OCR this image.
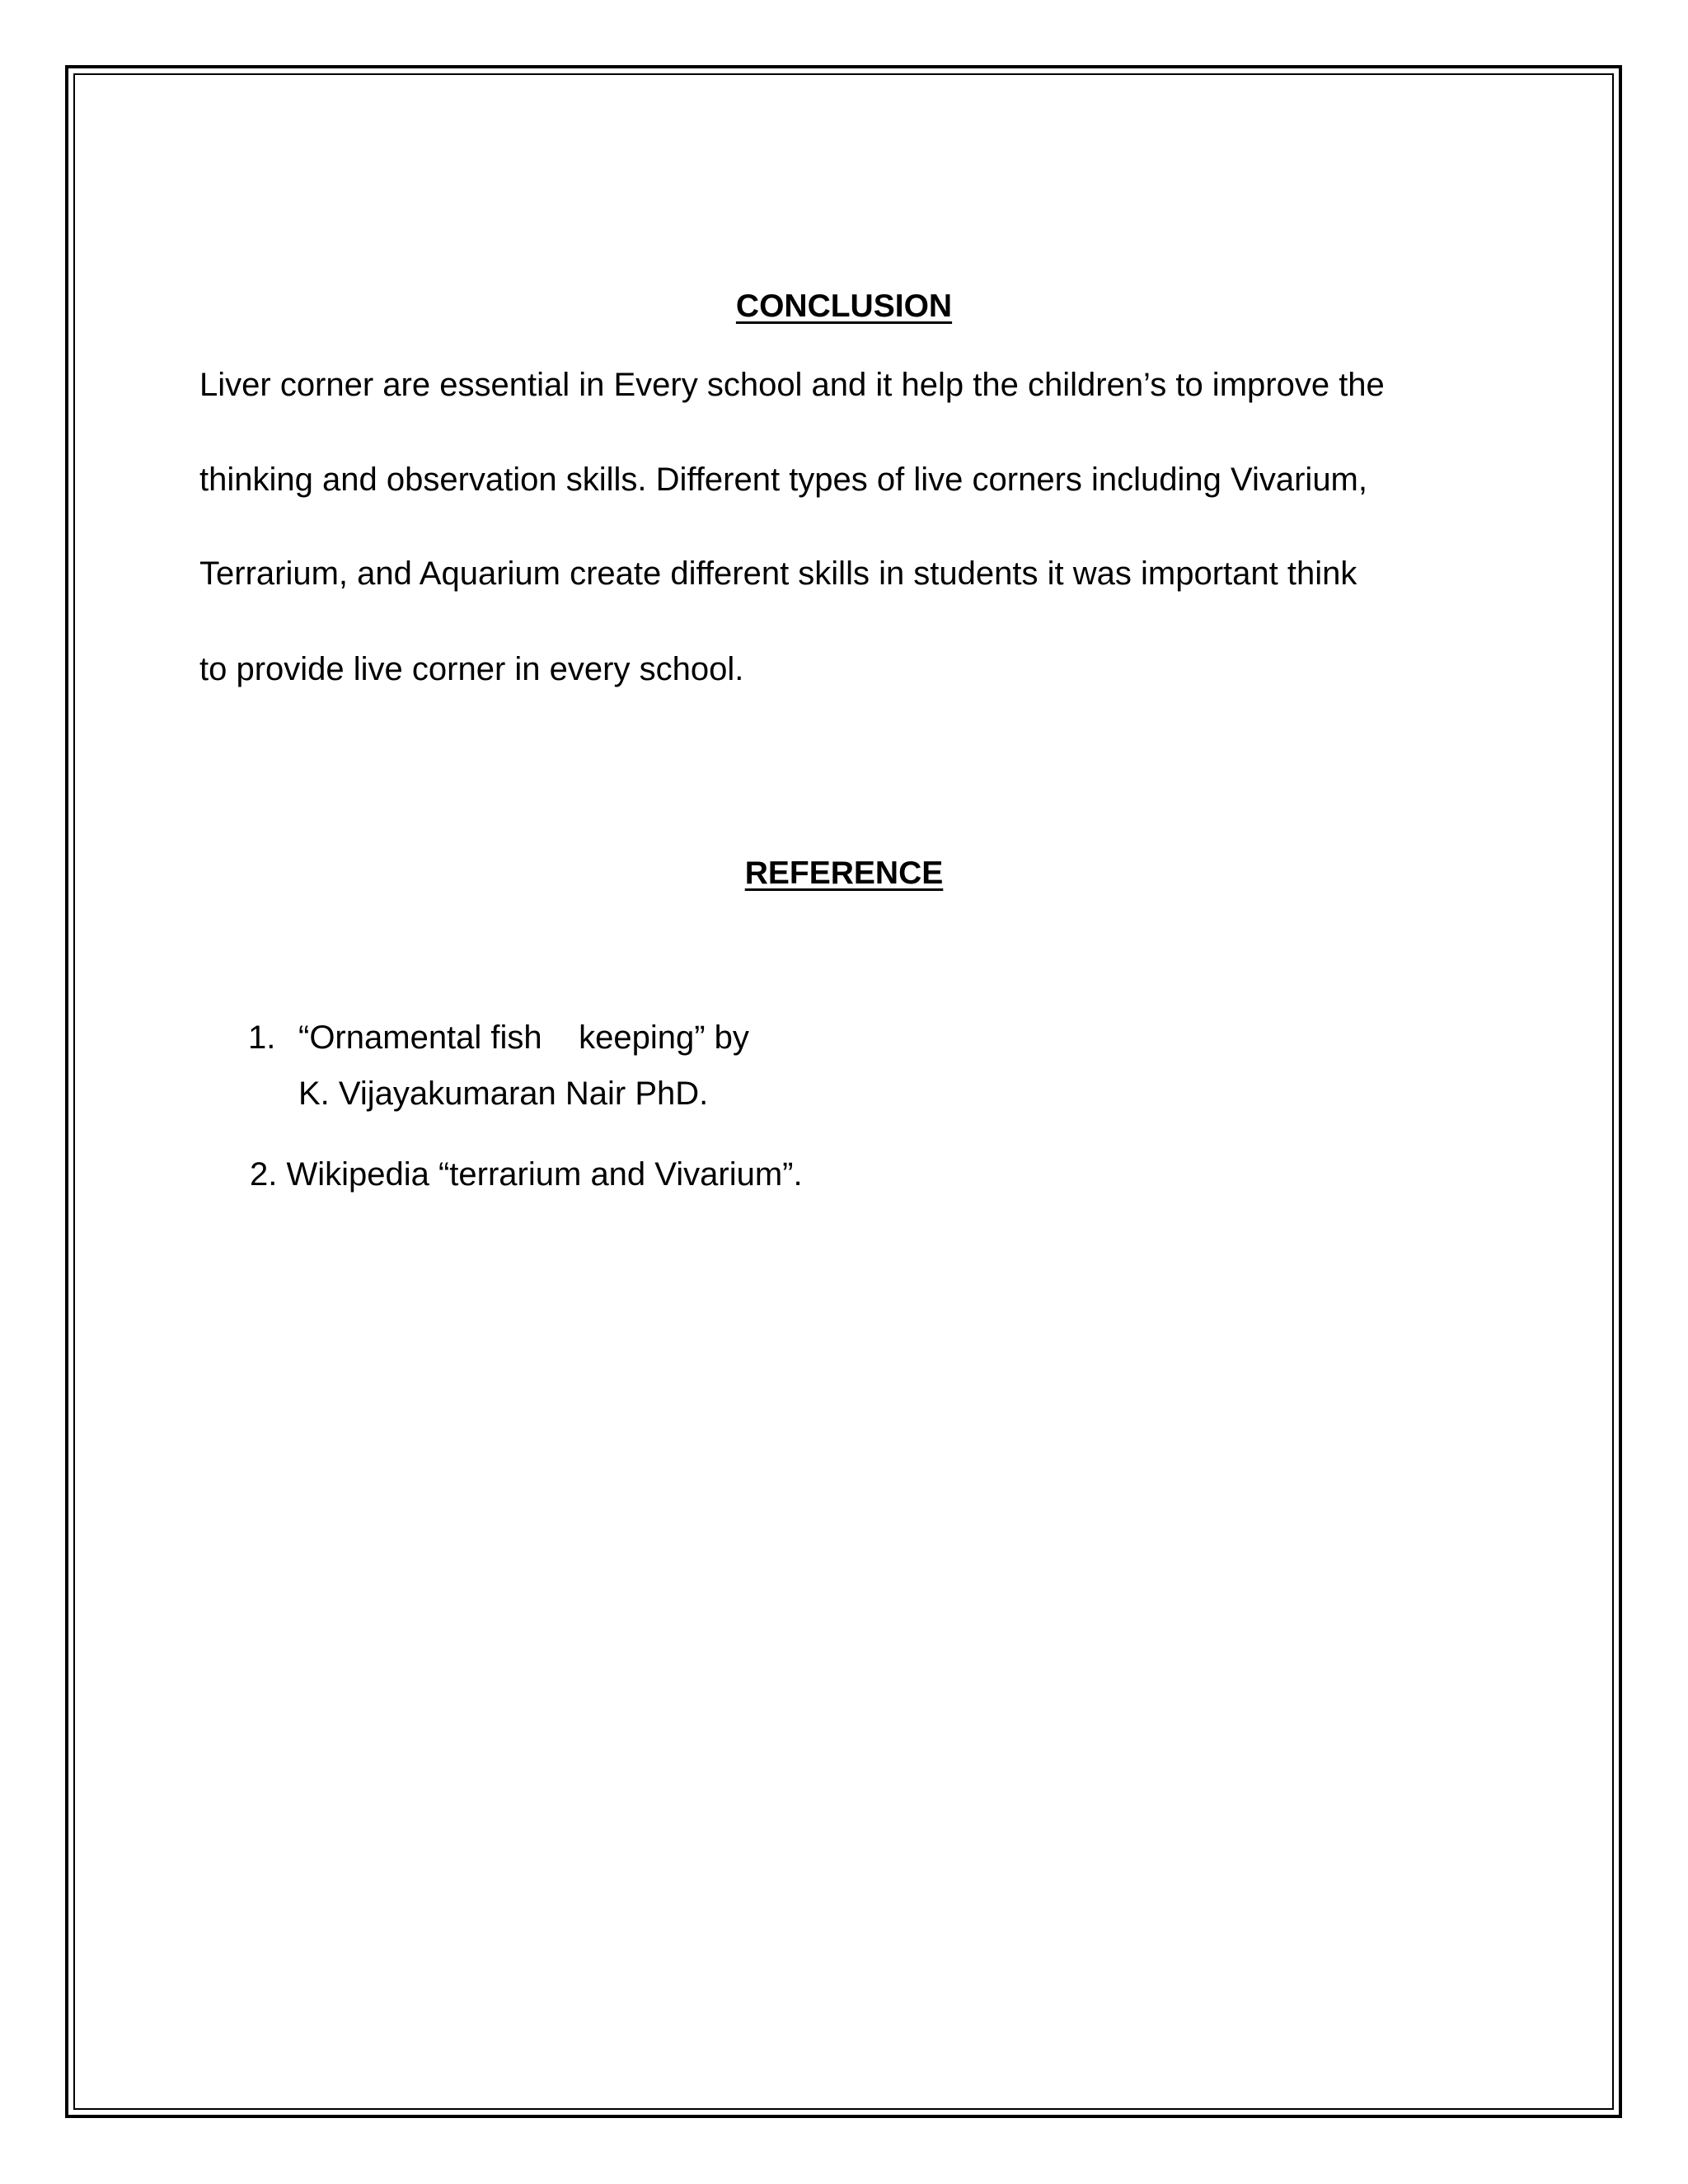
CONCLUSION
Liver corner are essential in Every school and it help the children’s to improve the
thinking and observation skills. Different types of live corners including Vivarium,
Terrarium, and Aquarium create different skills in students it was important think
to provide live corner in every school.
REFERENCE
1. “Ornamental fish    keeping” by
K. Vijayakumaran Nair PhD.
2. Wikipedia “terrarium and Vivarium”.
